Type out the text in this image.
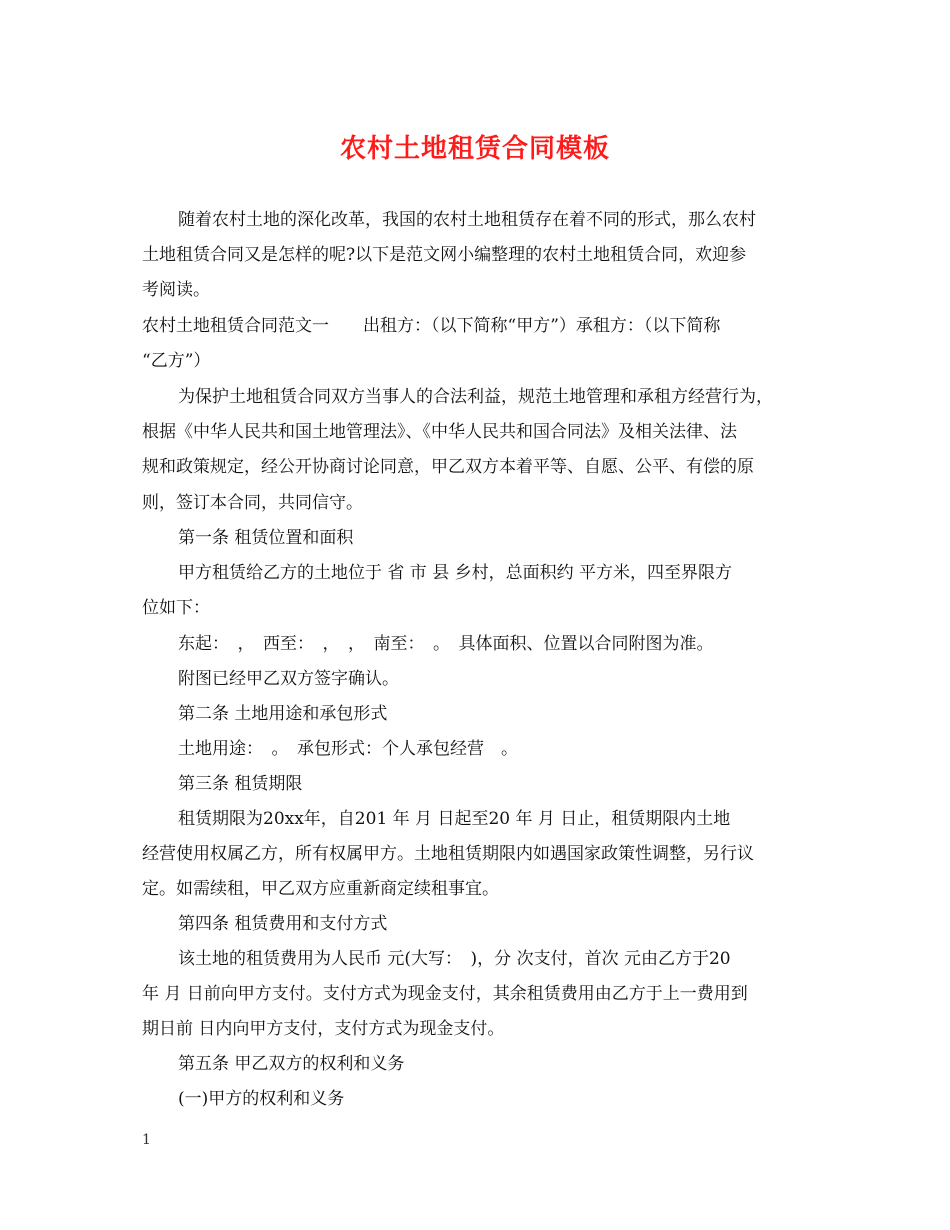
农村土地租赁合同模板
随着农村土地的深化改革，我国的农村土地租赁存在着不同的形式，那么农村
土地租赁合同又是怎样的呢?以下是范文网小编整理的农村土地租赁合同，欢迎参
考阅读。
农村土地租赁合同范文一　　出租方：（以下简称“甲方”）承租方：（以下简称
“乙方”）
为保护土地租赁合同双方当事人的合法利益，规范土地管理和承租方经营行为，
根据《中华人民共和国土地管理法》、《中华人民共和国合同法》及相关法律、法
规和政策规定，经公开协商讨论同意，甲乙双方本着平等、自愿、公平、有偿的原
则，签订本合同，共同信守。
第一条 租赁位置和面积
甲方租赁给乙方的土地位于 省 市 县 乡村，总面积约 平方米，四至界限方
位如下：
东起：　，　西至：　，　，　南至：　。　具体面积、位置以合同附图为准。
附图已经甲乙双方签字确认。
第二条 土地用途和承包形式
土地用途：　。　承包形式：个人承包经营　。
第三条 租赁期限
租赁期限为20xx年，自201 年 月 日起至20 年 月 日止，租赁期限内土地
经营使用权属乙方，所有权属甲方。土地租赁期限内如遇国家政策性调整，另行议
定。如需续租，甲乙双方应重新商定续租事宜。
第四条 租赁费用和支付方式
该土地的租赁费用为人民币 元(大写：　)，分 次支付，首次 元由乙方于20
年 月 日前向甲方支付。支付方式为现金支付，其余租赁费用由乙方于上一费用到
期日前 日内向甲方支付，支付方式为现金支付。
第五条 甲乙双方的权利和义务
(一)甲方的权利和义务
1
